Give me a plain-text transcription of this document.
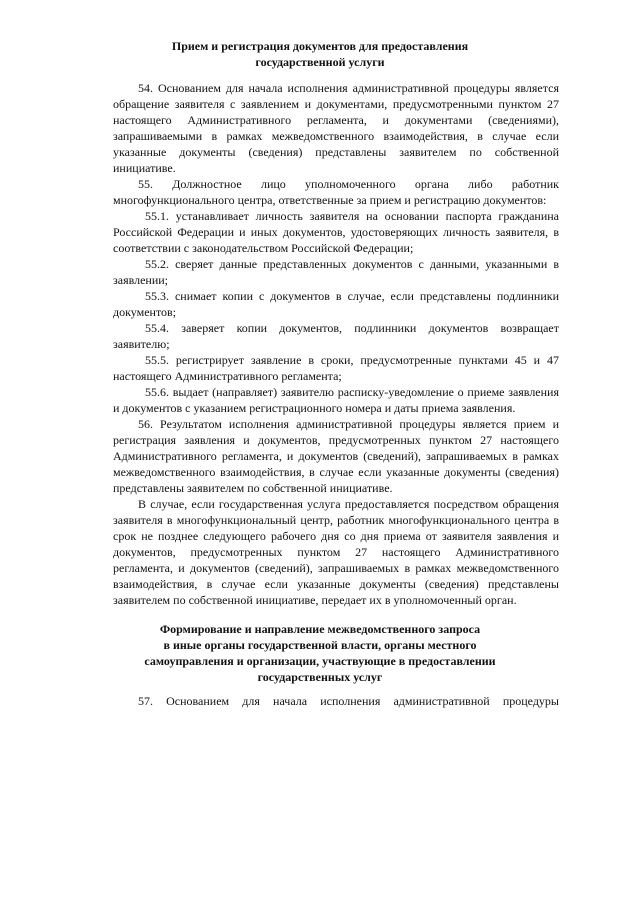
Прием и регистрация документов для предоставления
государственной услуги

54. Основанием для начала исполнения административной процедуры является обращение заявителя с заявлением и документами, предусмотренными пунктом 27 настоящего Административного регламента, и документами (сведениями), запрашиваемыми в рамках межведомственного взаимодействия, в случае если указанные документы (сведения) представлены заявителем по собственной инициативе.

55. Должностное лицо уполномоченного органа либо работник многофункционального центра, ответственные за прием и регистрацию документов:

55.1. устанавливает личность заявителя на основании паспорта гражданина Российской Федерации и иных документов, удостоверяющих личность заявителя, в соответствии с законодательством Российской Федерации;

55.2. сверяет данные представленных документов с данными, указанными в заявлении;

55.3. снимает копии с документов в случае, если представлены подлинники документов;

55.4. заверяет копии документов, подлинники документов возвращает заявителю;

55.5. регистрирует заявление в сроки, предусмотренные пунктами 45 и 47 настоящего Административного регламента;

55.6. выдает (направляет) заявителю расписку-уведомление о приеме заявления и документов с указанием регистрационного номера и даты приема заявления.

56. Результатом исполнения административной процедуры является прием и регистрация заявления и документов, предусмотренных пунктом 27 настоящего Административного регламента, и документов (сведений), запрашиваемых в рамках межведомственного взаимодействия, в случае если указанные документы (сведения) представлены заявителем по собственной инициативе.

В случае, если государственная услуга предоставляется посредством обращения заявителя в многофункциональный центр, работник многофункционального центра в срок не позднее следующего рабочего дня со дня приема от заявителя заявления и документов, предусмотренных пунктом 27 настоящего Административного регламента, и документов (сведений), запрашиваемых в рамках межведомственного взаимодействия, в случае если указанные документы (сведения) представлены заявителем по собственной инициативе, передает их в уполномоченный орган.

Формирование и направление межведомственного запроса
в иные органы государственной власти, органы местного
самоуправления и организации, участвующие в предоставлении
государственных услуг

57. Основанием для начала исполнения административной процедуры
